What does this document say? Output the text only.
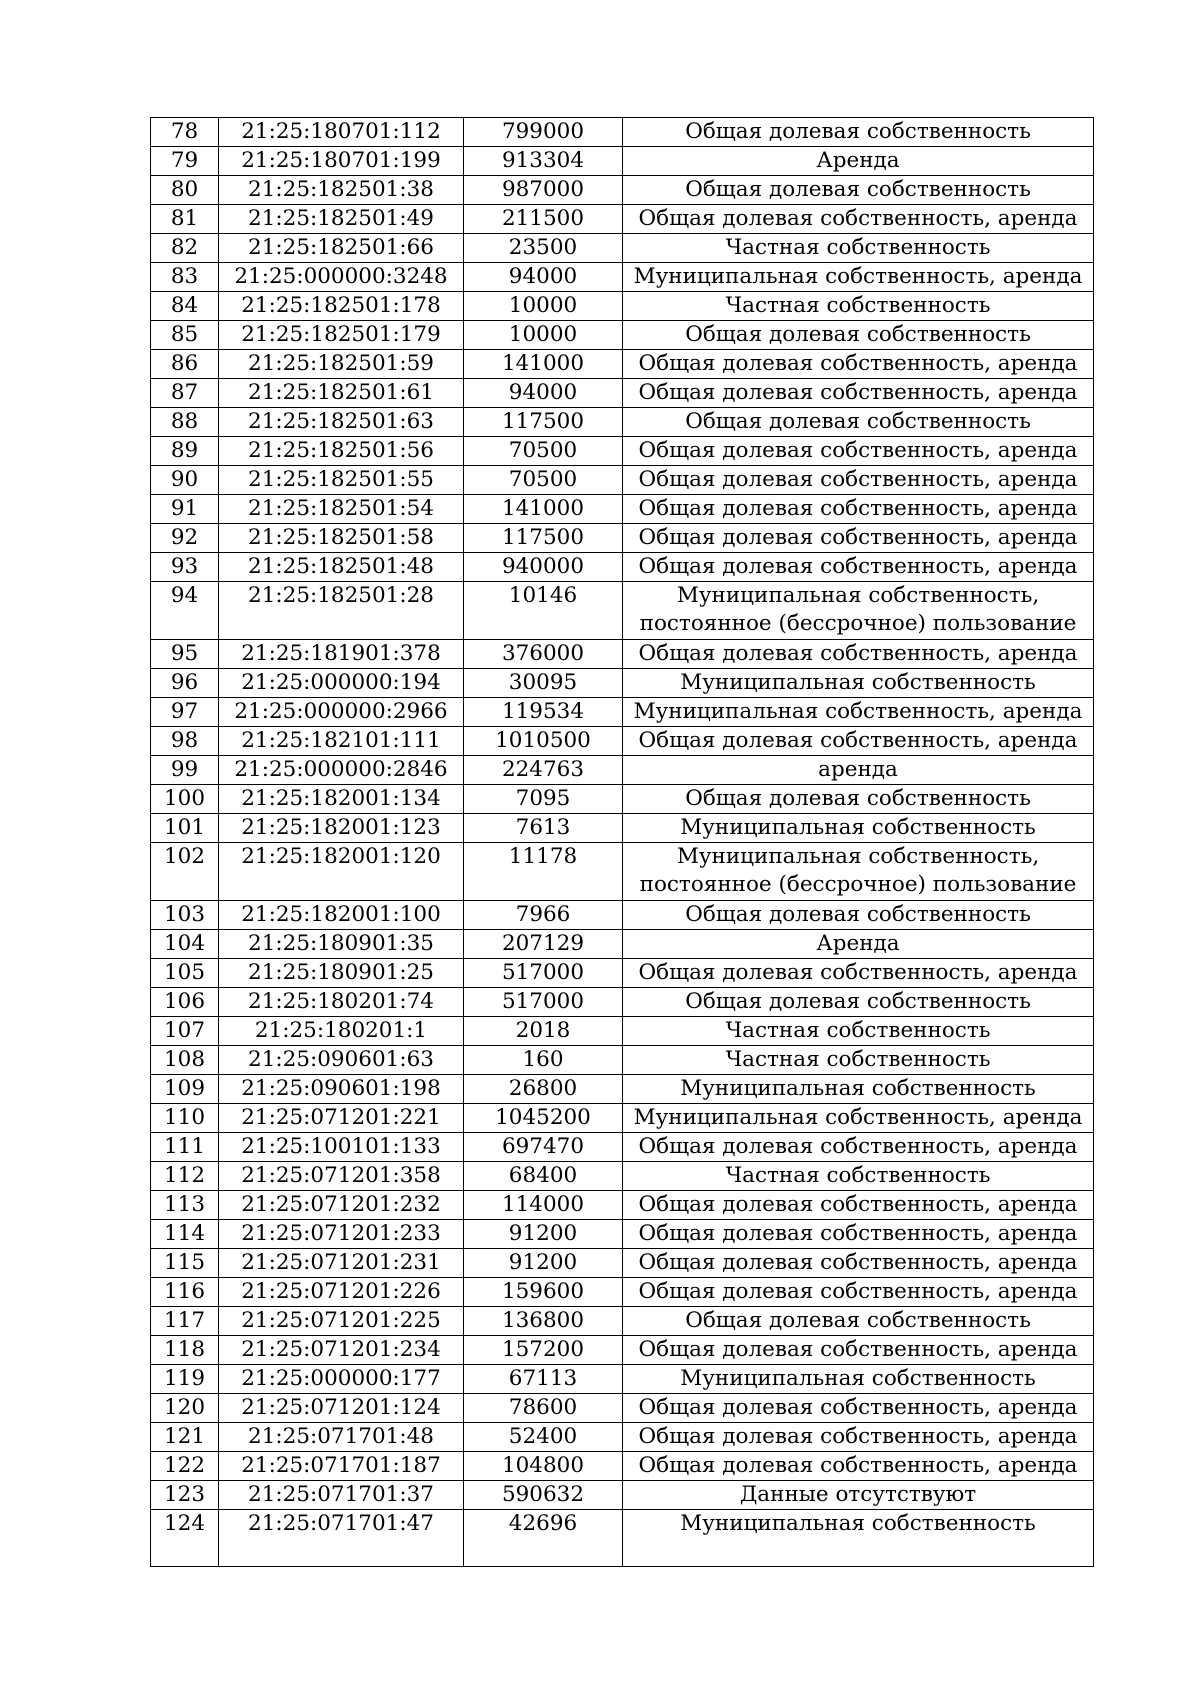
78	21:25:180701:112	799000	Общая долевая собственность

79	21:25:180701:199	913304	Аренда

80	21:25:182501:38	987000	Общая долевая собственность

81	21:25:182501:49	211500	Общая долевая собственность, аренда

82	21:25:182501:66	23500	Частная собственность

83	21:25:000000:3248	94000	Муниципальная собственность, аренда

84	21:25:182501:178	10000	Частная собственность

85	21:25:182501:179	10000	Общая долевая собственность

86	21:25:182501:59	141000	Общая долевая собственность, аренда

87	21:25:182501:61	94000	Общая долевая собственность, аренда

88	21:25:182501:63	117500	Общая долевая собственность

89	21:25:182501:56	70500	Общая долевая собственность, аренда

90	21:25:182501:55	70500	Общая долевая собственность, аренда

91	21:25:182501:54	141000	Общая долевая собственность, аренда

92	21:25:182501:58	117500	Общая долевая собственность, аренда

93	21:25:182501:48	940000	Общая долевая собственность, аренда

94	21:25:182501:28	10146	Муниципальная собственность,
постоянное (бессрочное) пользование

95	21:25:181901:378	376000	Общая долевая собственность, аренда

96	21:25:000000:194	30095	Муниципальная собственность

97	21:25:000000:2966	119534	Муниципальная собственность, аренда

98	21:25:182101:111	1010500	Общая долевая собственность, аренда

99	21:25:000000:2846	224763	аренда

100	21:25:182001:134	7095	Общая долевая собственность

101	21:25:182001:123	7613	Муниципальная собственность

102	21:25:182001:120	11178	Муниципальная собственность,
постоянное (бессрочное) пользование

103	21:25:182001:100	7966	Общая долевая собственность

104	21:25:180901:35	207129	Аренда

105	21:25:180901:25	517000	Общая долевая собственность, аренда

106	21:25:180201:74	517000	Общая долевая собственность

107	21:25:180201:1	2018	Частная собственность

108	21:25:090601:63	160	Частная собственность

109	21:25:090601:198	26800	Муниципальная собственность

110	21:25:071201:221	1045200	Муниципальная собственность, аренда

111	21:25:100101:133	697470	Общая долевая собственность, аренда

112	21:25:071201:358	68400	Частная собственность

113	21:25:071201:232	114000	Общая долевая собственность, аренда

114	21:25:071201:233	91200	Общая долевая собственность, аренда

115	21:25:071201:231	91200	Общая долевая собственность, аренда

116	21:25:071201:226	159600	Общая долевая собственность, аренда

117	21:25:071201:225	136800	Общая долевая собственность

118	21:25:071201:234	157200	Общая долевая собственность, аренда

119	21:25:000000:177	67113	Муниципальная собственность

120	21:25:071201:124	78600	Общая долевая собственность, аренда

121	21:25:071701:48	52400	Общая долевая собственность, аренда

122	21:25:071701:187	104800	Общая долевая собственность, аренда

123	21:25:071701:37	590632	Данные отсутствуют

124	21:25:071701:47	42696	Муниципальная собственность
